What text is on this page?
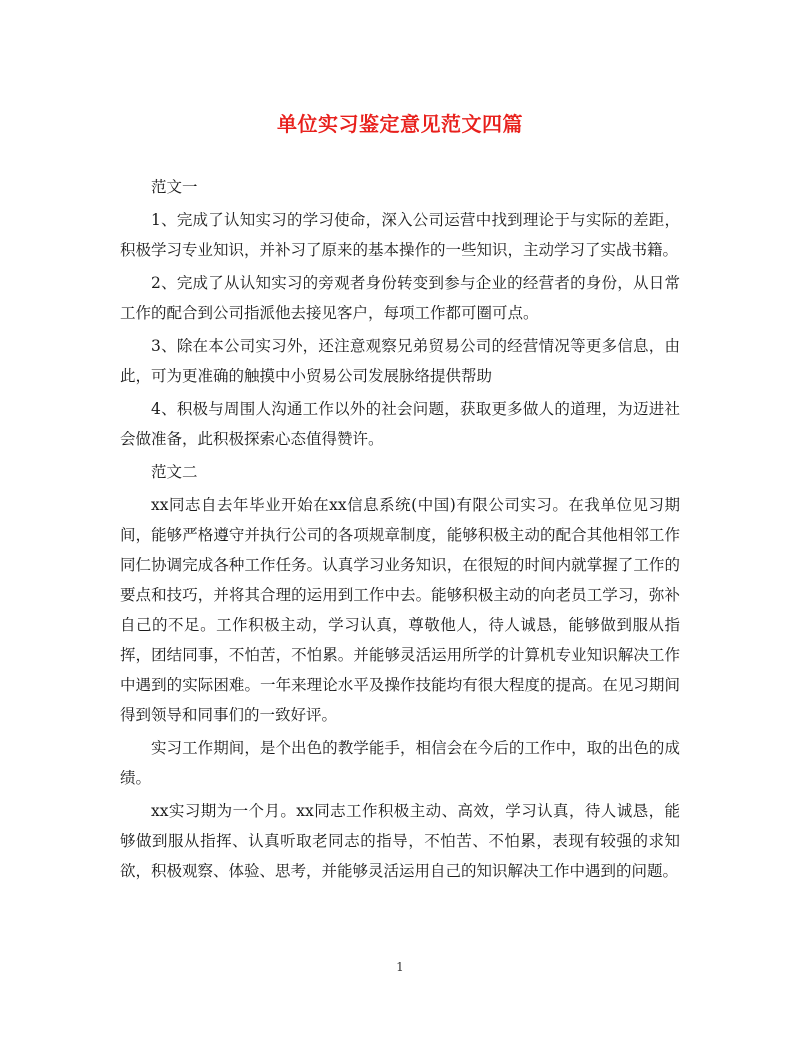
单位实习鉴定意见范文四篇

范文一

1、完成了认知实习的学习使命，深入公司运营中找到理论于与实际的差距，积极学习专业知识，并补习了原来的基本操作的一些知识，主动学习了实战书籍。

2、完成了从认知实习的旁观者身份转变到参与企业的经营者的身份，从日常工作的配合到公司指派他去接见客户，每项工作都可圈可点。

3、除在本公司实习外，还注意观察兄弟贸易公司的经营情况等更多信息，由此，可为更准确的触摸中小贸易公司发展脉络提供帮助

4、积极与周围人沟通工作以外的社会问题，获取更多做人的道理，为迈进社会做准备，此积极探索心态值得赞许。

范文二

xx同志自去年毕业开始在xx信息系统(中国)有限公司实习。在我单位见习期间，能够严格遵守并执行公司的各项规章制度，能够积极主动的配合其他相邻工作同仁协调完成各种工作任务。认真学习业务知识，在很短的时间内就掌握了工作的要点和技巧，并将其合理的运用到工作中去。能够积极主动的向老员工学习，弥补自己的不足。工作积极主动，学习认真，尊敬他人，待人诚恳，能够做到服从指挥，团结同事，不怕苦，不怕累。并能够灵活运用所学的计算机专业知识解决工作中遇到的实际困难。一年来理论水平及操作技能均有很大程度的提高。在见习期间得到领导和同事们的一致好评。

实习工作期间，是个出色的教学能手，相信会在今后的工作中，取的出色的成绩。

xx实习期为一个月。xx同志工作积极主动、高效，学习认真，待人诚恳，能够做到服从指挥、认真听取老同志的指导，不怕苦、不怕累，表现有较强的求知欲，积极观察、体验、思考，并能够灵活运用自己的知识解决工作中遇到的问题。

1
